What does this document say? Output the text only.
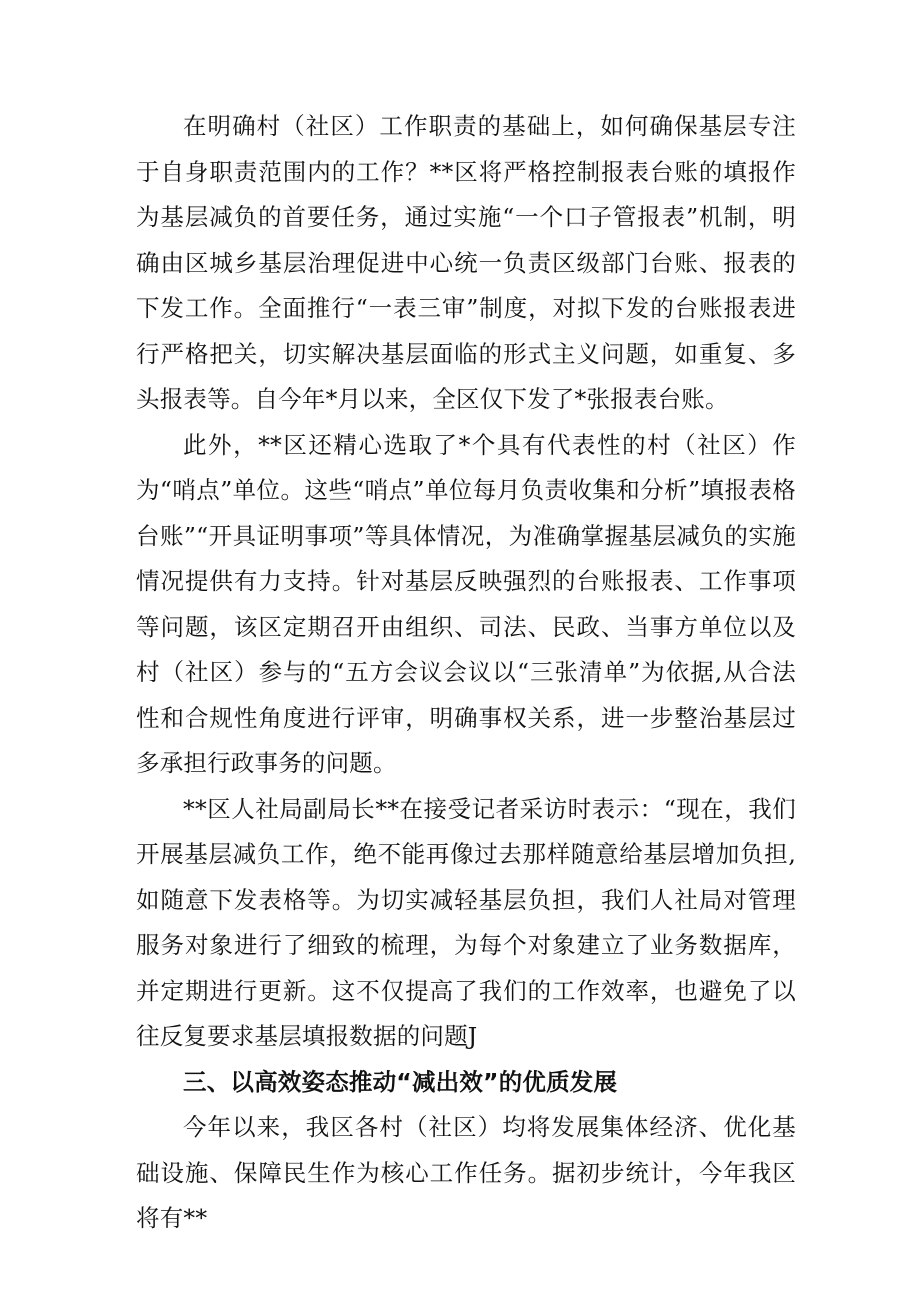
在明确村（社区）工作职责的基础上，如何确保基层专注于自身职责范围内的工作？**区将严格控制报表台账的填报作为基层减负的首要任务，通过实施“一个口子管报表”机制，明确由区城乡基层治理促进中心统一负责区级部门台账、报表的下发工作。全面推行“一表三审”制度，对拟下发的台账报表进行严格把关，切实解决基层面临的形式主义问题，如重复、多头报表等。自今年*月以来，全区仅下发了*张报表台账。

此外，**区还精心选取了*个具有代表性的村（社区）作为“哨点”单位。这些“哨点”单位每月负责收集和分析”填报表格台账”“开具证明事项”等具体情况，为准确掌握基层减负的实施情况提供有力支持。针对基层反映强烈的台账报表、工作事项等问题，该区定期召开由组织、司法、民政、当事方单位以及村（社区）参与的“五方会议会议以“三张清单”为依据,从合法性和合规性角度进行评审，明确事权关系，进一步整治基层过多承担行政事务的问题。

**区人社局副局长**在接受记者采访时表示：“现在，我们开展基层减负工作，绝不能再像过去那样随意给基层增加负担,如随意下发表格等。为切实减轻基层负担，我们人社局对管理服务对象进行了细致的梳理，为每个对象建立了业务数据库，并定期进行更新。这不仅提高了我们的工作效率，也避免了以往反复要求基层填报数据的问题J

三、以高效姿态推动“减出效”的优质发展

今年以来，我区各村（社区）均将发展集体经济、优化基础设施、保障民生作为核心工作任务。据初步统计，今年我区将有**
